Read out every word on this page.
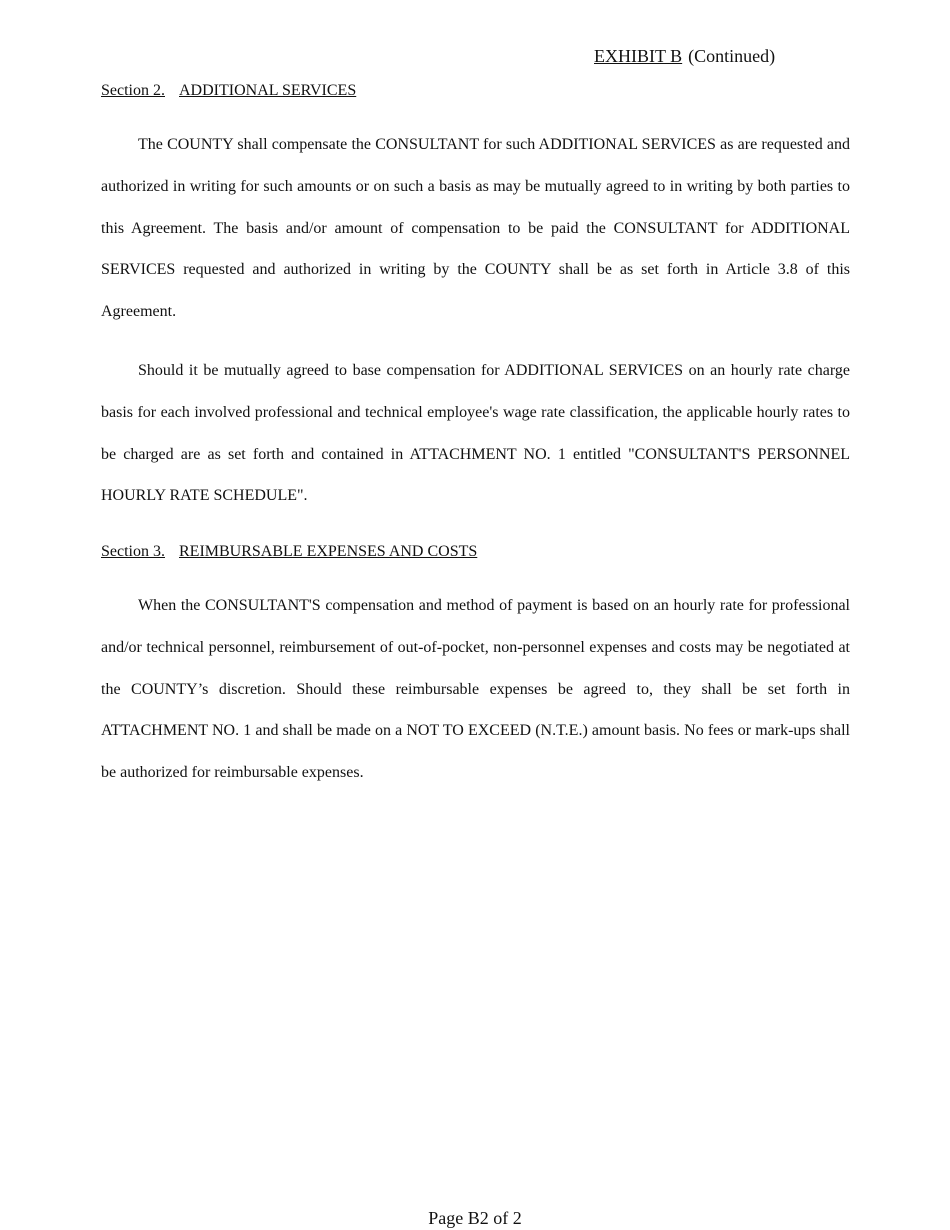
EXHIBIT B (Continued)
Section 2. ADDITIONAL SERVICES

The COUNTY shall compensate the CONSULTANT for such ADDITIONAL SERVICES as are requested and authorized in writing for such amounts or on such a basis as may be mutually agreed to in writing by both parties to this Agreement. The basis and/or amount of compensation to be paid the CONSULTANT for ADDITIONAL SERVICES requested and authorized in writing by the COUNTY shall be as set forth in Article 3.8 of this Agreement.

Should it be mutually agreed to base compensation for ADDITIONAL SERVICES on an hourly rate charge basis for each involved professional and technical employee's wage rate classification, the applicable hourly rates to be charged are as set forth and contained in ATTACHMENT NO. 1 entitled "CONSULTANT'S PERSONNEL HOURLY RATE SCHEDULE".

Section 3. REIMBURSABLE EXPENSES AND COSTS

When the CONSULTANT'S compensation and method of payment is based on an hourly rate for professional and/or technical personnel, reimbursement of out-of-pocket, non-personnel expenses and costs may be negotiated at the COUNTY’s discretion. Should these reimbursable expenses be agreed to, they shall be set forth in ATTACHMENT NO. 1 and shall be made on a NOT TO EXCEED (N.T.E.) amount basis. No fees or mark-ups shall be authorized for reimbursable expenses.

Page B2 of 2
